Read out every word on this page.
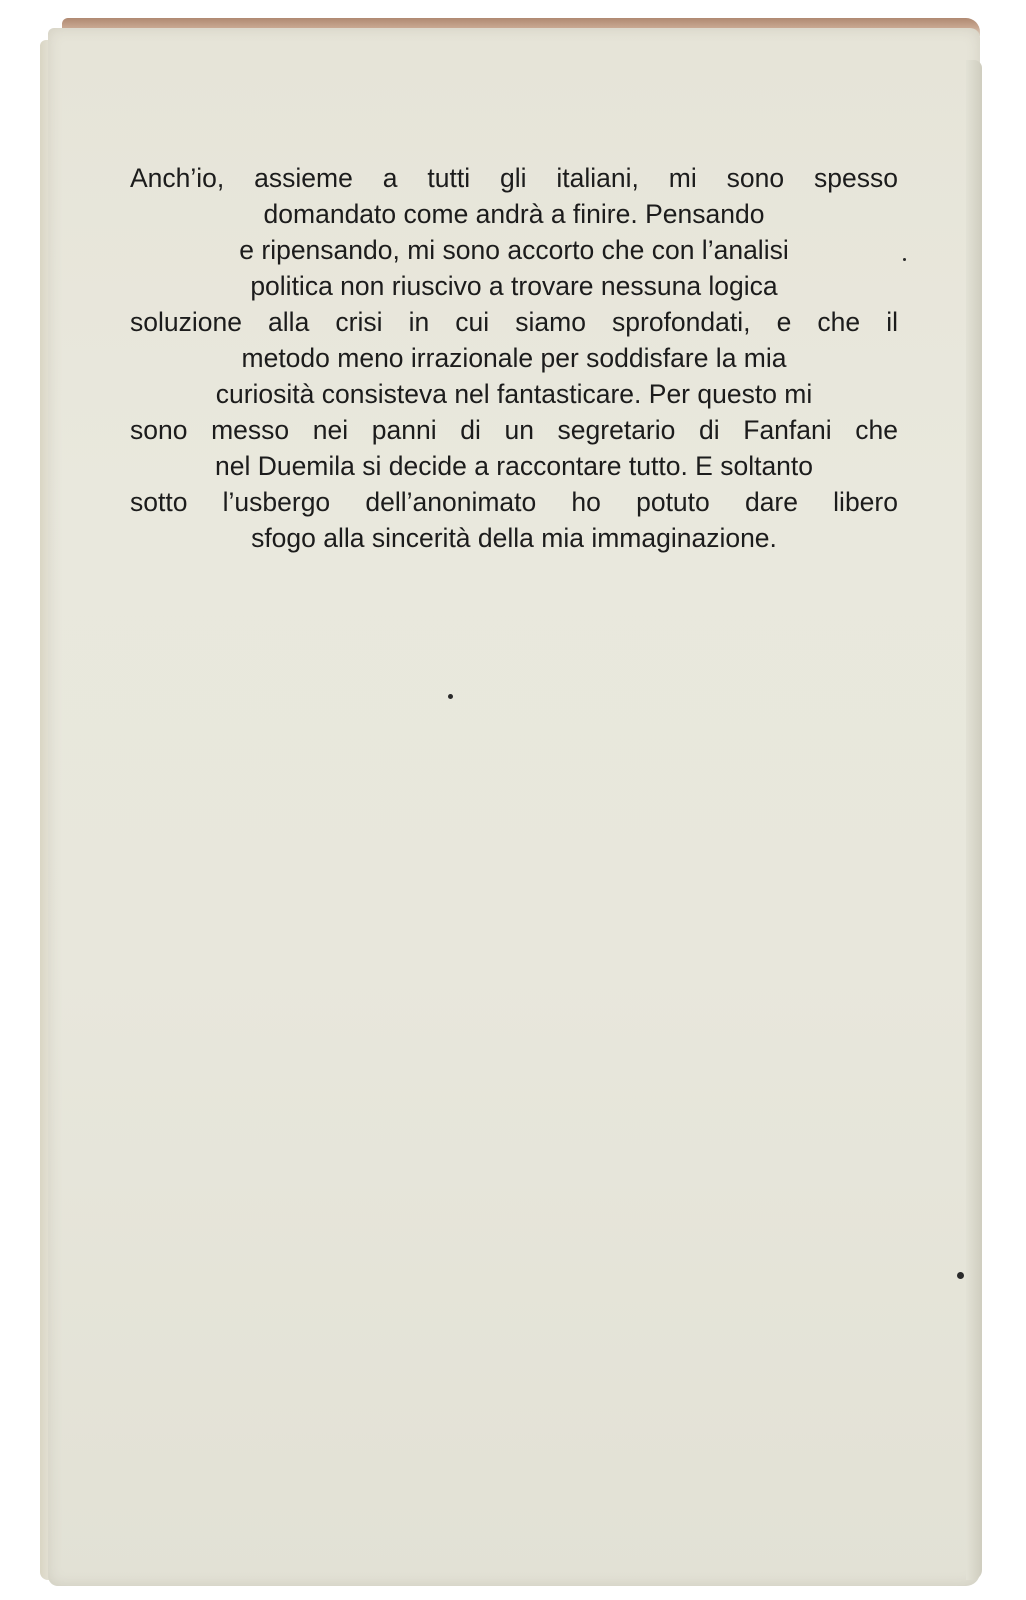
Anch’io, assieme a tutti gli italiani, mi sono spesso
domandato come andrà a finire. Pensando
e ripensando, mi sono accorto che con l’analisi
politica non riuscivo a trovare nessuna logica
soluzione alla crisi in cui siamo sprofondati, e che il
metodo meno irrazionale per soddisfare la mia
curiosità consisteva nel fantasticare. Per questo mi
sono messo nei panni di un segretario di Fanfani che
nel Duemila si decide a raccontare tutto. E soltanto
sotto l’usbergo dell’anonimato ho potuto dare libero
sfogo alla sincerità della mia immaginazione.
